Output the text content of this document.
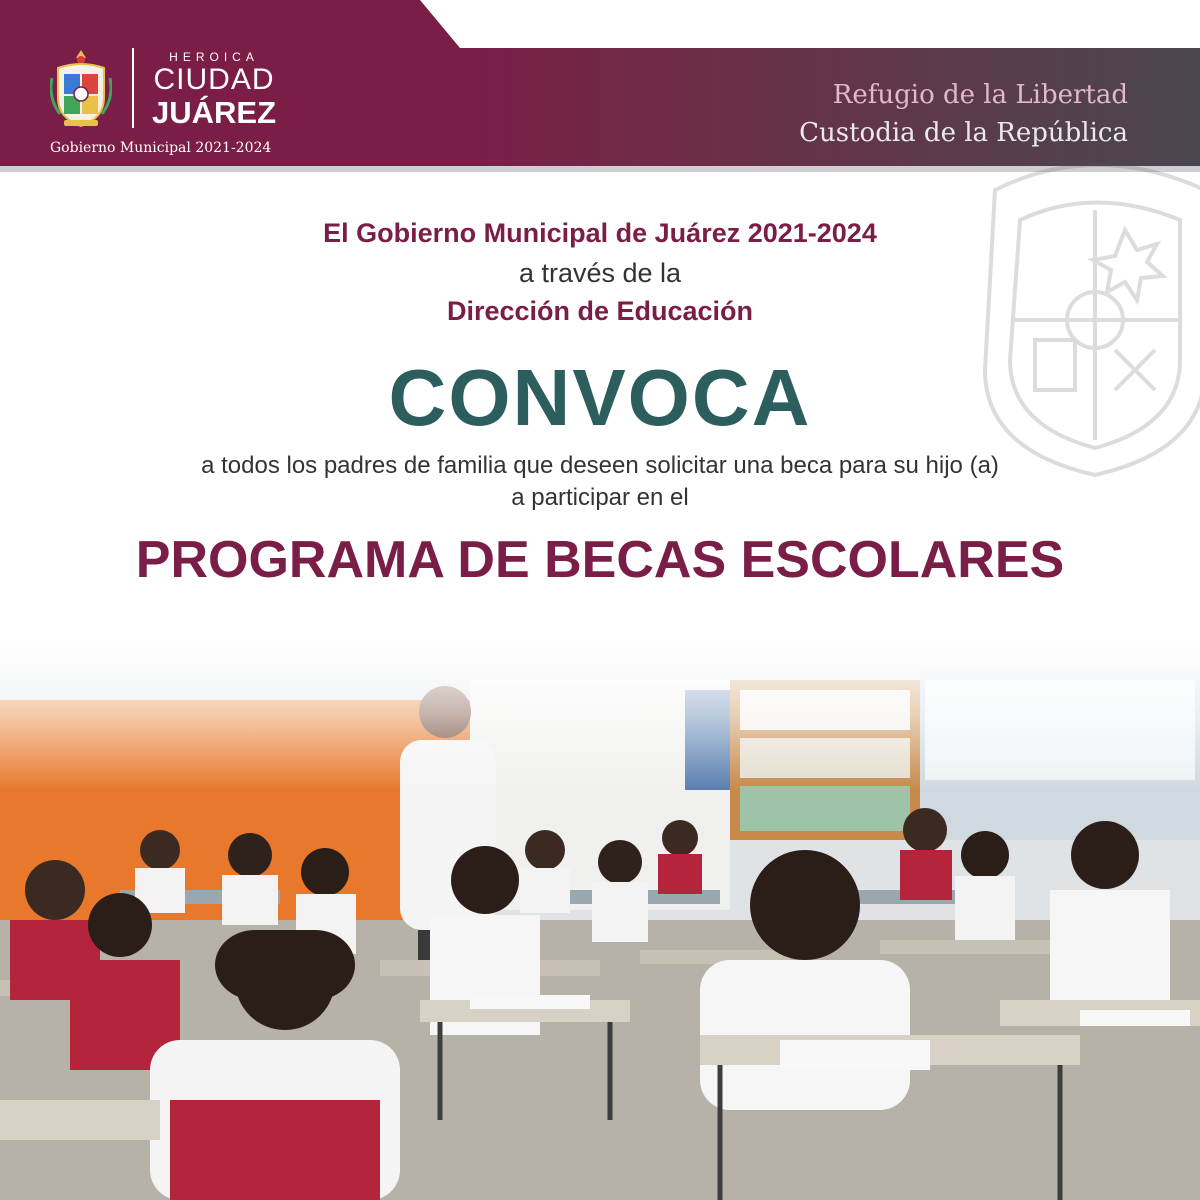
HEROICA
CIUDAD
JUÁREZ
Gobierno Municipal 2021-2024
Refugio de la Libertad
Custodia de la República
El Gobierno Municipal de Juárez 2021-2024
a través de la
Dirección de Educación
CONVOCA
a todos los padres de familia que deseen solicitar una beca para su hijo (a)
a participar en el
PROGRAMA DE BECAS ESCOLARES
